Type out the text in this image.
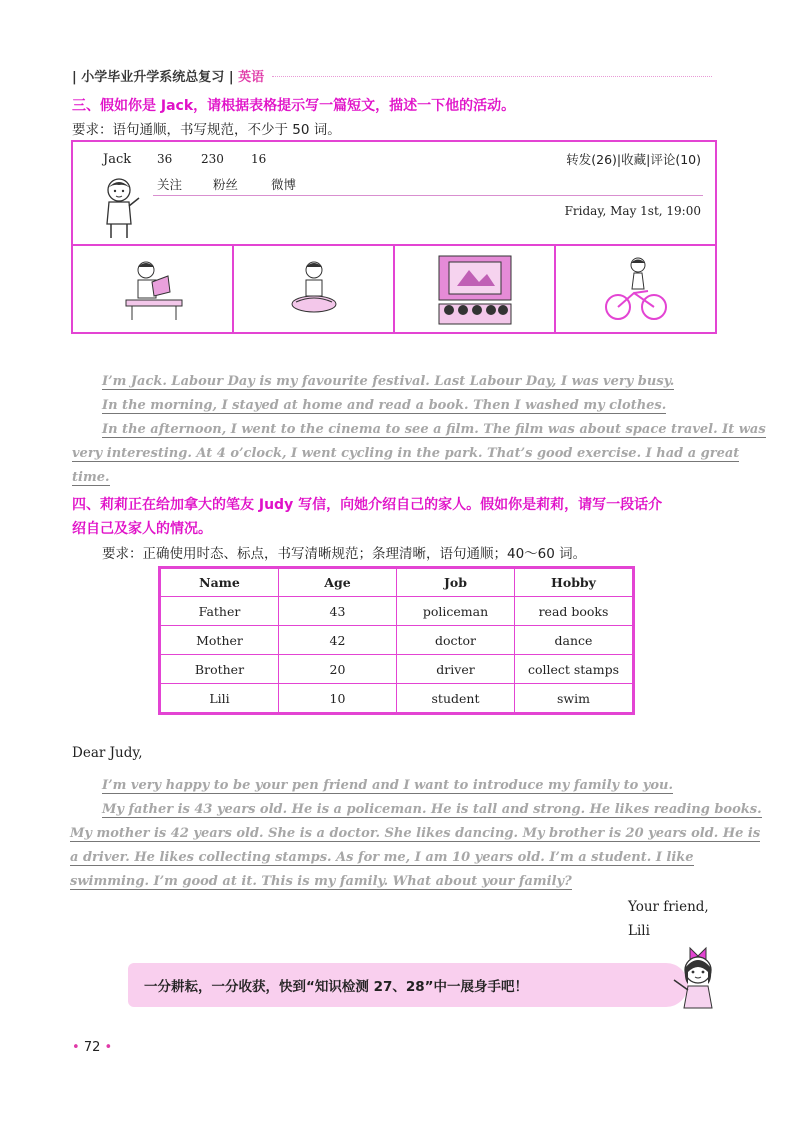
| 小学毕业升学系统总复习 | 英语
三、假如你是 Jack，请根据表格提示写一篇短文，描述一下他的活动。
要求：语句通顺，书写规范，不少于 50 词。
Jack 36 230 16
关注 粉丝	微博
转发(26)|收藏|评论(10)
Friday, May 1st, 19:00
I’m Jack. Labour Day is my favourite festival. Last Labour Day, I was very busy.
In the morning, I stayed at home and read a book. Then I washed my clothes.
In the afternoon, I went to the cinema to see a film. The film was about space travel. It was
very interesting. At 4 o’clock, I went cycling in the park. That’s good exercise. I had a great
time.
四、莉莉正在给加拿大的笔友 Judy 写信，向她介绍自己的家人。假如你是莉莉，请写一段话介
绍自己及家人的情况。
要求：正确使用时态、标点，书写清晰规范；条理清晰，语句通顺；40～60 词。
Name	Age	Job	Hobby
Father	43	policeman	read books
Mother	42	doctor	dance
Brother	20	driver	collect stamps
Lili	10	student	swim
Dear Judy,
I’m very happy to be your pen friend and I want to introduce my family to you.
My father is 43 years old. He is a policeman. He is tall and strong. He likes reading books.
My mother is 42 years old. She is a doctor. She likes dancing. My brother is 20 years old. He is
a driver. He likes collecting stamps. As for me, I am 10 years old. I’m a student. I like
swimming. I’m good at it. This is my family. What about your family?
Your friend,
Lili
一分耕耘，一分收获，快到“知识检测 27、28”中一展身手吧！
• 72 •
